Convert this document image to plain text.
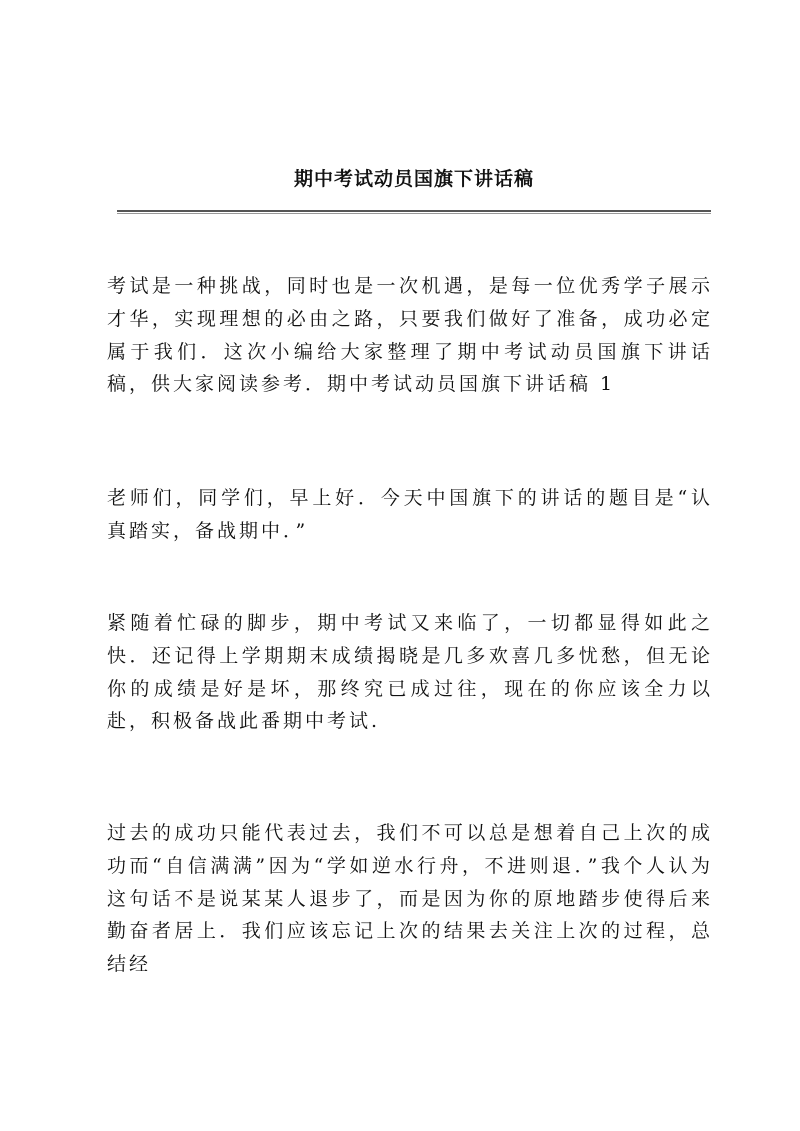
期中考试动员国旗下讲话稿

考试是一种挑战，同时也是一次机遇，是每一位优秀学子展示才华，实现理想的必由之路，只要我们做好了准备，成功必定属于我们．这次小编给大家整理了期中考试动员国旗下讲话稿，供大家阅读参考．期中考试动员国旗下讲话稿 1

老师们，同学们，早上好．今天中国旗下的讲话的题目是“认真踏实，备战期中．”

紧随着忙碌的脚步，期中考试又来临了，一切都显得如此之快．还记得上学期期末成绩揭晓是几多欢喜几多忧愁，但无论你的成绩是好是坏，那终究已成过往，现在的你应该全力以赴，积极备战此番期中考试.

过去的成功只能代表过去，我们不可以总是想着自己上次的成功而“自信满满”因为“学如逆水行舟，不进则退．”我个人认为这句话不是说某某人退步了，而是因为你的原地踏步使得后来勤奋者居上．我们应该忘记上次的结果去关注上次的过程，总结经
